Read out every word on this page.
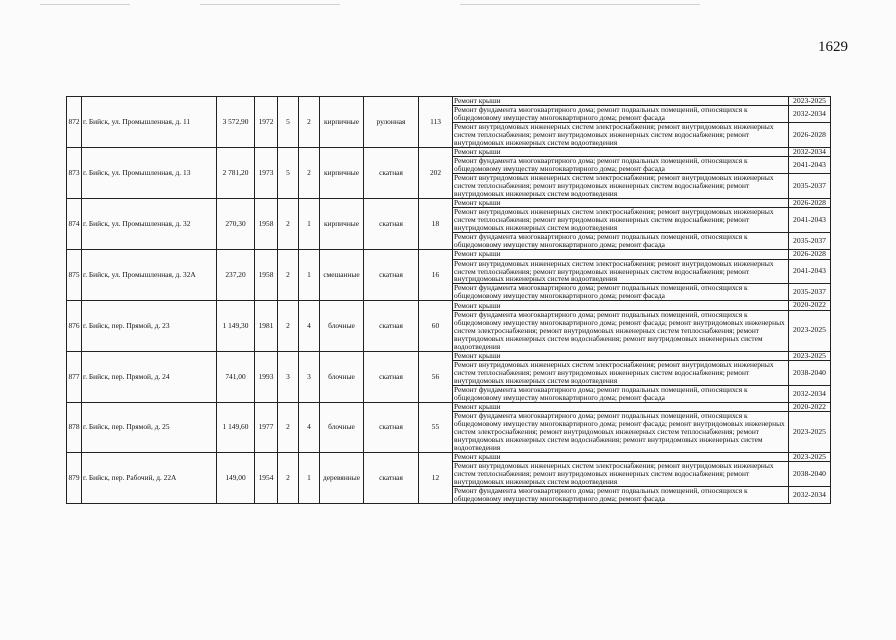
1629
872	г. Бийск, ул. Промышленная, д. 11	3 572,90	1972	5	2	кирпичные	рулонная	113	Ремонт крыши	2023-2025
									Ремонт фундамента многоквартирного дома; ремонт подвальных помещений, относящихся к общедомовому имуществу многоквартирного дома; ремонт фасада	2032-2034
									Ремонт внутридомовых инженерных систем электроснабжения; ремонт внутридомовых инженерных систем теплоснабжения; ремонт внутридомовых инженерных систем водоснабжения; ремонт внутридомовых инженерных систем водоотведения	2026-2028
873	г. Бийск, ул. Промышленная, д. 13	2 781,20	1973	5	2	кирпичные	скатная	202	Ремонт крыши	2032-2034
									Ремонт фундамента многоквартирного дома; ремонт подвальных помещений, относящихся к общедомовому имуществу многоквартирного дома; ремонт фасада	2041-2043
									Ремонт внутридомовых инженерных систем электроснабжения; ремонт внутридомовых инженерных систем теплоснабжения; ремонт внутридомовых инженерных систем водоснабжения; ремонт внутридомовых инженерных систем водоотведения	2035-2037
874	г. Бийск, ул. Промышленная, д. 32	270,30	1958	2	1	кирпичные	скатная	18	Ремонт крыши	2026-2028
									Ремонт внутридомовых инженерных систем электроснабжения; ремонт внутридомовых инженерных систем теплоснабжения; ремонт внутридомовых инженерных систем водоснабжения; ремонт внутридомовых инженерных систем водоотведения	2041-2043
									Ремонт фундамента многоквартирного дома; ремонт подвальных помещений, относящихся к общедомовому имуществу многоквартирного дома; ремонт фасада	2035-2037
875	г. Бийск, ул. Промышленная, д. 32А	237,20	1958	2	1	смешанные	скатная	16	Ремонт крыши	2026-2028
									Ремонт внутридомовых инженерных систем электроснабжения; ремонт внутридомовых инженерных систем теплоснабжения; ремонт внутридомовых инженерных систем водоснабжения; ремонт внутридомовых инженерных систем водоотведения	2041-2043
									Ремонт фундамента многоквартирного дома; ремонт подвальных помещений, относящихся к общедомовому имуществу многоквартирного дома; ремонт фасада	2035-2037
876	г. Бийск, пер. Прямой, д. 23	1 149,30	1981	2	4	блочные	скатная	60	Ремонт крыши	2020-2022
									Ремонт фундамента многоквартирного дома; ремонт подвальных помещений, относящихся к общедомовому имуществу многоквартирного дома; ремонт фасада; ремонт внутридомовых инженерных систем электроснабжения; ремонт внутридомовых инженерных систем теплоснабжения; ремонт внутридомовых инженерных систем водоснабжения; ремонт внутридомовых инженерных систем водоотведения	2023-2025
877	г. Бийск, пер. Прямой, д. 24	741,00	1993	3	3	блочные	скатная	56	Ремонт крыши	2023-2025
									Ремонт внутридомовых инженерных систем электроснабжения; ремонт внутридомовых инженерных систем теплоснабжения; ремонт внутридомовых инженерных систем водоснабжения; ремонт внутридомовых инженерных систем водоотведения	2038-2040
									Ремонт фундамента многоквартирного дома; ремонт подвальных помещений, относящихся к общедомовому имуществу многоквартирного дома; ремонт фасада	2032-2034
878	г. Бийск, пер. Прямой, д. 25	1 149,60	1977	2	4	блочные	скатная	55	Ремонт крыши	2020-2022
									Ремонт фундамента многоквартирного дома; ремонт подвальных помещений, относящихся к общедомовому имуществу многоквартирного дома; ремонт фасада; ремонт внутридомовых инженерных систем электроснабжения; ремонт внутридомовых инженерных систем теплоснабжения; ремонт внутридомовых инженерных систем водоснабжения; ремонт внутридомовых инженерных систем водоотведения	2023-2025
879	г. Бийск, пер. Рабочий, д. 22А	149,00	1954	2	1	деревянные	скатная	12	Ремонт крыши	2023-2025
									Ремонт внутридомовых инженерных систем электроснабжения; ремонт внутридомовых инженерных систем теплоснабжения; ремонт внутридомовых инженерных систем водоснабжения; ремонт внутридомовых инженерных систем водоотведения	2038-2040
									Ремонт фундамента многоквартирного дома; ремонт подвальных помещений, относящихся к общедомовому имуществу многоквартирного дома; ремонт фасада	2032-2034
